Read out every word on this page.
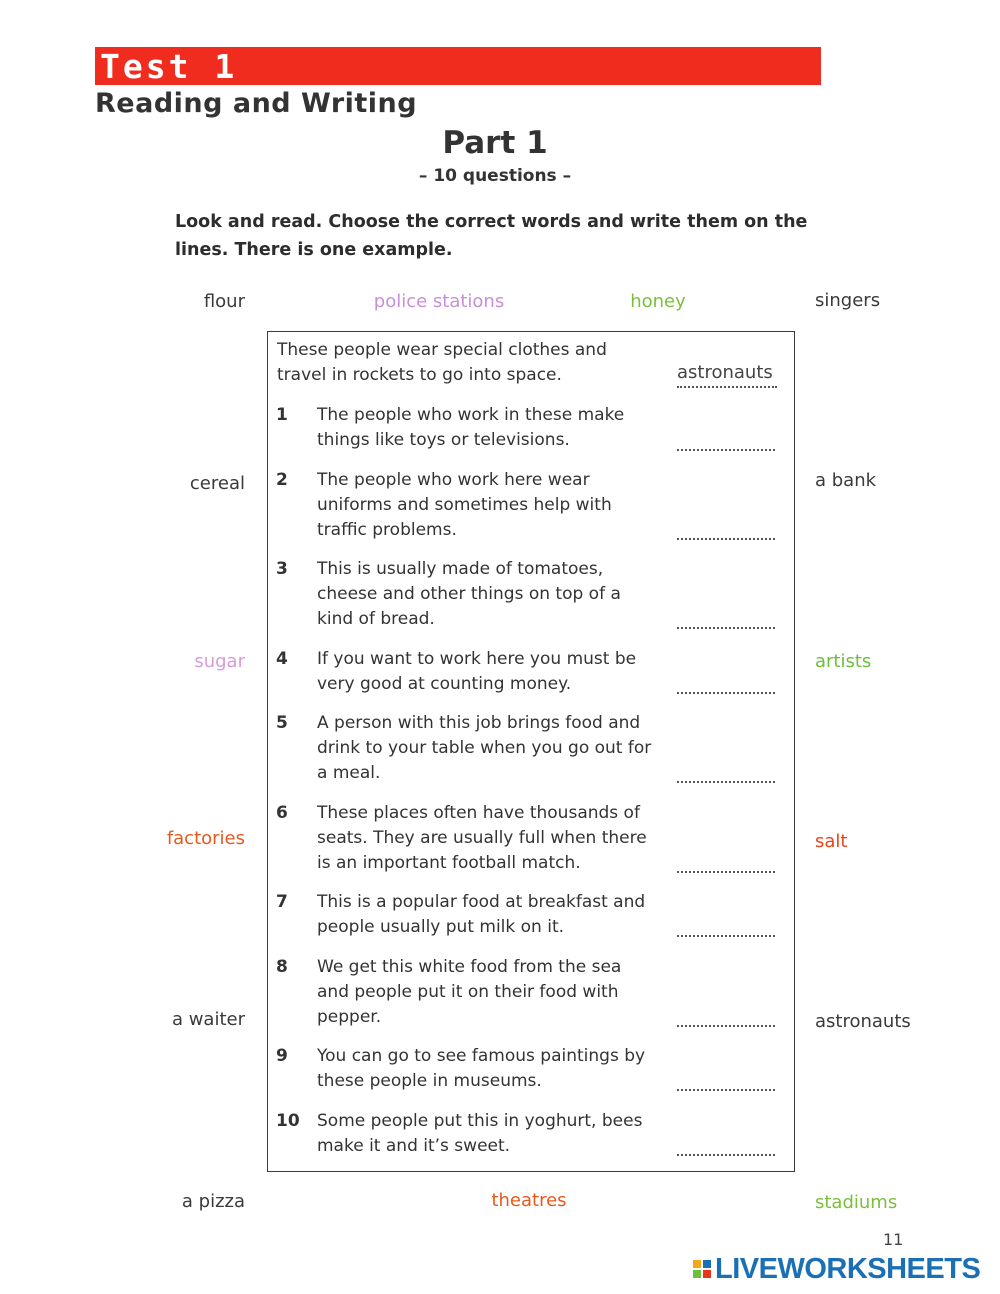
Test 1
Reading and Writing
Part 1
– 10 questions –
Look and read. Choose the correct words and write them on the lines. There is one example.
flour	police stations	honey	singers
cereal	a bank
sugar	artists
factories	salt
a waiter	astronauts
a pizza	theatres	stadiums
These people wear special clothes and travel in rockets to go into space.	astronauts
1 The people who work in these make things like toys or televisions.
2 The people who work here wear uniforms and sometimes help with traffic problems.
3 This is usually made of tomatoes, cheese and other things on top of a kind of bread.
4 If you want to work here you must be very good at counting money.
5 A person with this job brings food and drink to your table when you go out for a meal.
6 These places often have thousands of seats. They are usually full when there is an important football match.
7 This is a popular food at breakfast and people usually put milk on it.
8 We get this white food from the sea and people put it on their food with pepper.
9 You can go to see famous paintings by these people in museums.
10 Some people put this in yoghurt, bees make it and it’s sweet.
11
LIVEWORKSHEETS
